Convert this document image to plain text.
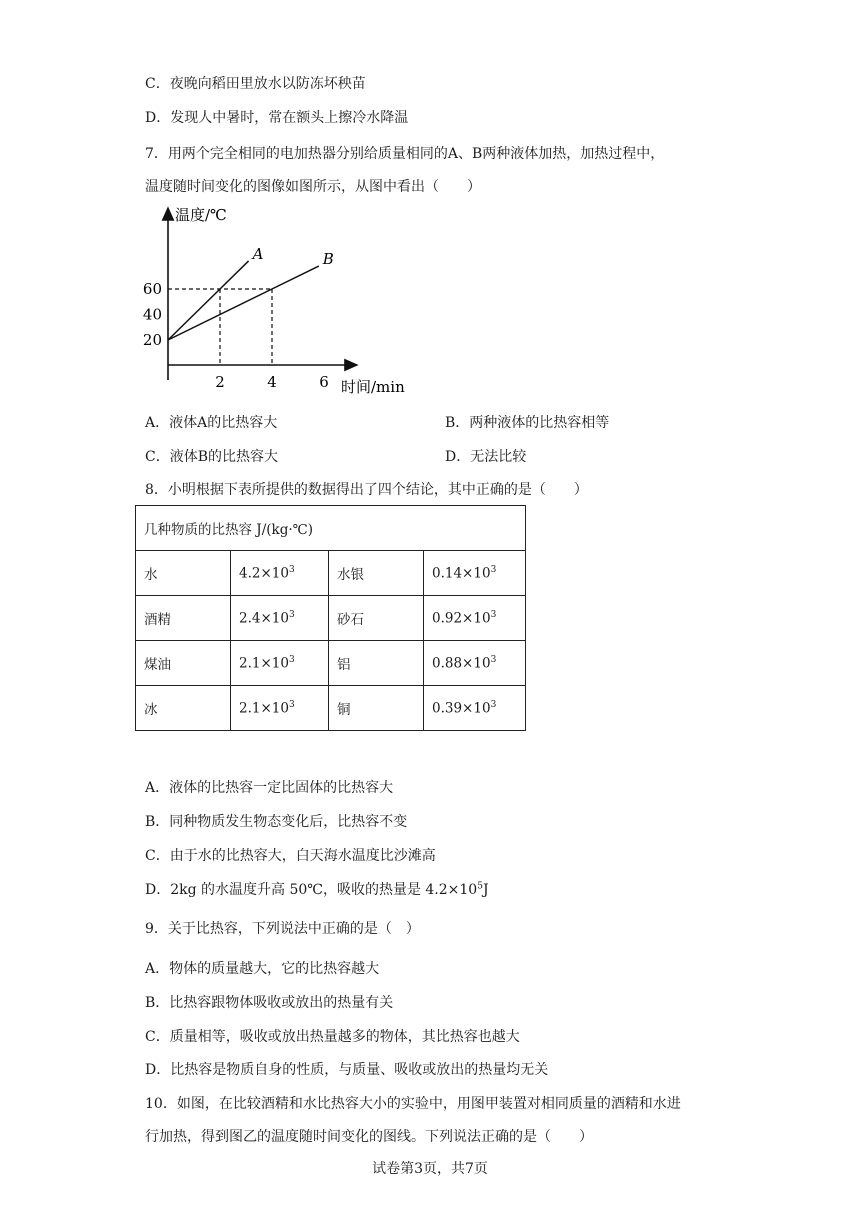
C．夜晚向稻田里放水以防冻坏秧苗
D．发现人中暑时，常在额头上擦冷水降温
7．用两个完全相同的电加热器分别给质量相同的A、B两种液体加热，加热过程中，
温度随时间变化的图像如图所示，从图中看出（　　）
温度/℃
时间/min
2	4	6
20
40
60
A	B
A．液体A的比热容大	B．两种液体的比热容相等
C．液体B的比热容大	D．无法比较
8．小明根据下表所提供的数据得出了四个结论，其中正确的是（　　）
几种物质的比热容 J/(kg·℃)			
水	$4.2\times 10^3$	水银	$0.14\times 10^3$
酒精	$2.4\times 10^3$	砂石	$0.92\times 10^3$
煤油	$2.1\times 10^3$	铝	$0.88\times 10^3$
冰	$2.1\times 10^3$	铜	$0.39\times 10^3$
A．液体的比热容一定比固体的比热容大
B．同种物质发生物态变化后，比热容不变
C．由于水的比热容大，白天海水温度比沙滩高
D．2kg 的水温度升高 50℃，吸收的热量是 $4.2\times 10^5J$
9．关于比热容，下列说法中正确的是（　）
A．物体的质量越大，它的比热容越大
B．比热容跟物体吸收或放出的热量有关
C．质量相等，吸收或放出热量越多的物体，其比热容也越大
D．比热容是物质自身的性质，与质量、吸收或放出的热量均无关
10．如图，在比较酒精和水比热容大小的实验中，用图甲装置对相同质量的酒精和水进
行加热，得到图乙的温度随时间变化的图线。下列说法正确的是（　　）
试卷第3页，共7页
